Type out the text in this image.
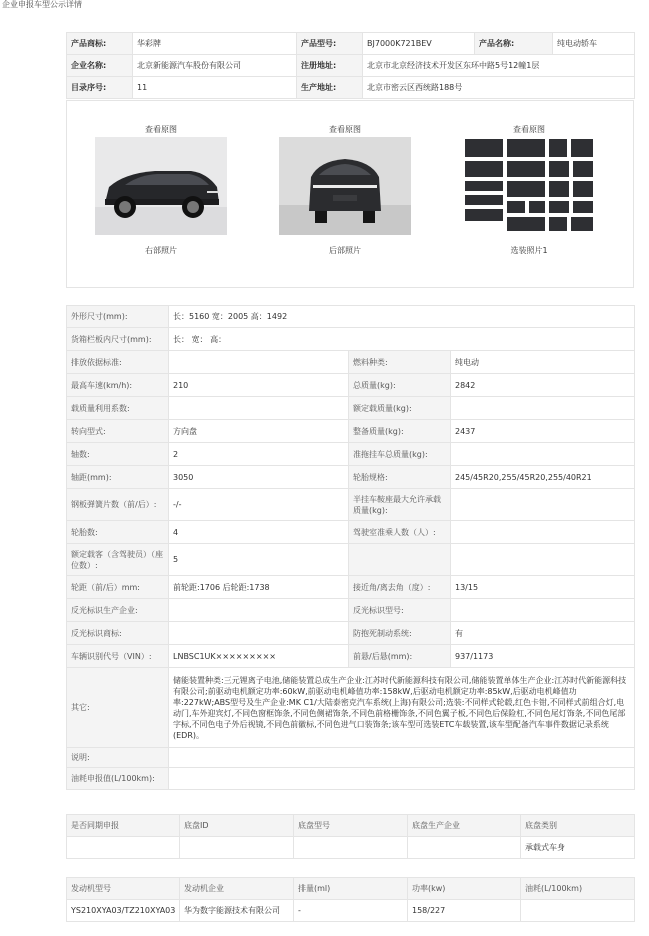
企业申报车型公示详情
产品商标:	华彩牌	产品型号:	BJ7000K721BEV	产品名称:	纯电动轿车
企业名称:	北京新能源汽车股份有限公司	注册地址:	北京市北京经济技术开发区东环中路5号12幢1层		
目录序号:	11	生产地址:	北京市密云区西统路188号		
查看原图
右部照片
查看原图
后部照片
查看原图
选装照片1
外形尺寸(mm):	长：5160 宽：2005 高：1492		
货箱栏板内尺寸(mm):	长： 宽： 高：		
排放依据标准:		燃料种类:	纯电动
最高车速(km/h):	210	总质量(kg):	2842
载质量利用系数:		额定载质量(kg):	
转向型式:	方向盘	整备质量(kg):	2437
轴数:	2	准拖挂车总质量(kg):	
轴距(mm):	3050	轮胎规格:	245/45R20,255/45R20,255/40R21
钢板弹簧片数（前/后）:	-/-	半挂车鞍座最大允许承载质量(kg):	
轮胎数:	4	驾驶室准乘人数（人）:	
额定载客（含驾驶员）（座位数）:	5		
轮距（前/后）mm:	前轮距:1706 后轮距:1738	接近角/离去角（度）:	13/15
反光标识生产企业:		反光标识型号:	
反光标识商标:		防抱死制动系统:	有
车辆识别代号（VIN）:	LNBSC1UK×××××××××	前悬/后悬(mm):	937/1173
其它:	储能装置种类:三元锂离子电池,储能装置总成生产企业:江苏时代新能源科技有限公司,储能装置单体生产企业:江苏时代新能源科技有限公司;前驱动电机额定功率:60kW,前驱动电机峰值功率:158kW,后驱动电机额定功率:85kW,后驱动电机峰值功率:227kW;ABS型号及生产企业:MK C1/大陆泰密克汽车系统(上海)有限公司;选装:不同样式轮毂,红色卡钳,不同样式前组合灯,电动门,车外迎宾灯,不同色窗框饰条,不同色侧裙饰条,不同色前格栅饰条,不同色翼子板,不同色后保险杠,不同色尾灯饰条,不同色尾部字标,不同色电子外后视镜,不同色前徽标,不同色进气口装饰条;该车型可选装ETC车载装置,该车型配备汽车事件数据记录系统(EDR)。		
说明:			
油耗申报值(L/100km):			
是否同期申报	底盘ID	底盘型号	底盘生产企业	底盘类别
				承载式车身
发动机型号	发动机企业	排量(ml)	功率(kw)	油耗(L/100km)
YS210XYA03/TZ210XYA03	华为数字能源技术有限公司	-	158/227	
